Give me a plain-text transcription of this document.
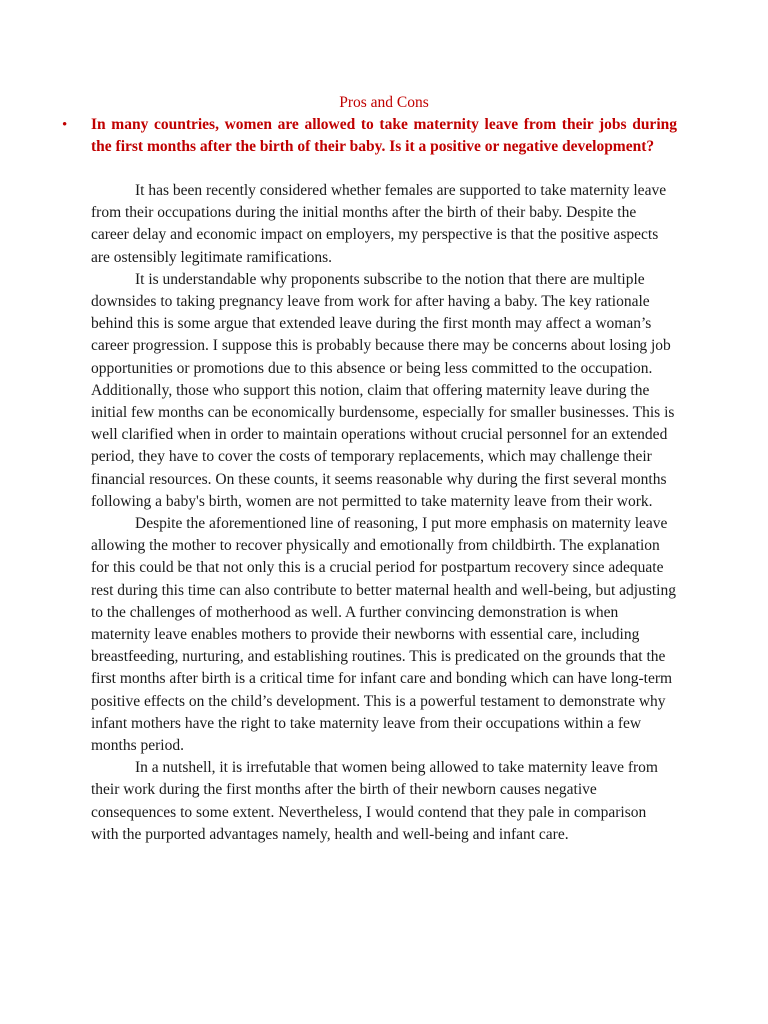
Pros and Cons
• In many countries, women are allowed to take maternity leave from their jobs during the first months after the birth of their baby. Is it a positive or negative development?

It has been recently considered whether females are supported to take maternity leave from their occupations during the initial months after the birth of their baby. Despite the career delay and economic impact on employers, my perspective is that the positive aspects are ostensibly legitimate ramifications.

It is understandable why proponents subscribe to the notion that there are multiple downsides to taking pregnancy leave from work for after having a baby. The key rationale behind this is some argue that extended leave during the first month may affect a woman’s career progression. I suppose this is probably because there may be concerns about losing job opportunities or promotions due to this absence or being less committed to the occupation. Additionally, those who support this notion, claim that offering maternity leave during the initial few months can be economically burdensome, especially for smaller businesses. This is well clarified when in order to maintain operations without crucial personnel for an extended period, they have to cover the costs of temporary replacements, which may challenge their financial resources. On these counts, it seems reasonable why during the first several months following a baby's birth, women are not permitted to take maternity leave from their work.

Despite the aforementioned line of reasoning, I put more emphasis on maternity leave allowing the mother to recover physically and emotionally from childbirth. The explanation for this could be that not only this is a crucial period for postpartum recovery since adequate rest during this time can also contribute to better maternal health and well-being, but adjusting to the challenges of motherhood as well. A further convincing demonstration is when maternity leave enables mothers to provide their newborns with essential care, including breastfeeding, nurturing, and establishing routines. This is predicated on the grounds that the first months after birth is a critical time for infant care and bonding which can have long-term positive effects on the child’s development. This is a powerful testament to demonstrate why infant mothers have the right to take maternity leave from their occupations within a few months period.

In a nutshell, it is irrefutable that women being allowed to take maternity leave from their work during the first months after the birth of their newborn causes negative consequences to some extent. Nevertheless, I would contend that they pale in comparison with the purported advantages namely, health and well-being and infant care.
